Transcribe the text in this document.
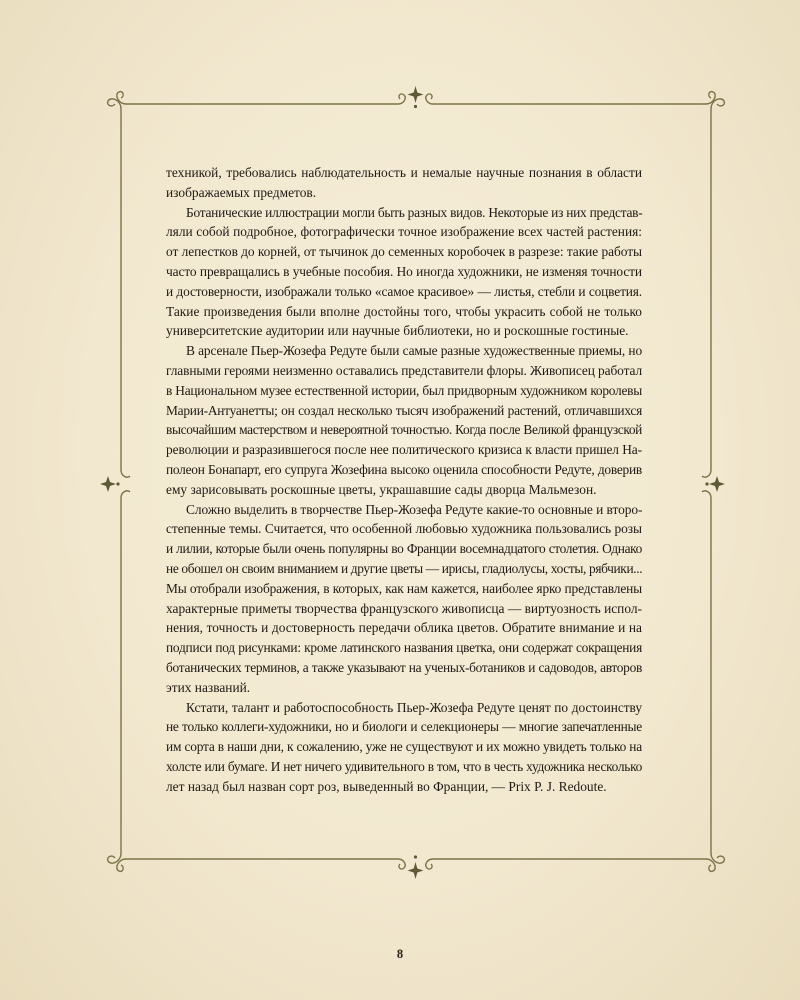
техникой, требовались наблюдательность и немалые научные познания в области
изображаемых предметов.

Ботанические иллюстрации могли быть разных видов. Некоторые из них представ-
ляли собой подробное, фотографически точное изображение всех частей растения:
от лепестков до корней, от тычинок до семенных коробочек в разрезе: такие работы
часто превращались в учебные пособия. Но иногда художники, не изменяя точности
и достоверности, изображали только «самое красивое» — листья, стебли и соцветия.
Такие произведения были вполне достойны того, чтобы украсить собой не только
университетские аудитории или научные библиотеки, но и роскошные гостиные.

В арсенале Пьер-Жозефа Редуте были самые разные художественные приемы, но
главными героями неизменно оставались представители флоры. Живописец работал
в Национальном музее естественной истории, был придворным художником королевы
Марии-Антуанетты; он создал несколько тысяч изображений растений, отличавшихся
высочайшим мастерством и невероятной точностью. Когда после Великой французской
революции и разразившегося после нее политического кризиса к власти пришел На-
полеон Бонапарт, его супруга Жозефина высоко оценила способности Редуте, доверив
ему зарисовывать роскошные цветы, украшавшие сады дворца Мальмезон.

Сложно выделить в творчестве Пьер-Жозефа Редуте какие-то основные и второ-
степенные темы. Считается, что особенной любовью художника пользовались розы
и лилии, которые были очень популярны во Франции восемнадцатого столетия. Однако
не обошел он своим вниманием и другие цветы — ирисы, гладиолусы, хосты, рябчики...
Мы отобрали изображения, в которых, как нам кажется, наиболее ярко представлены
характерные приметы творчества французского живописца — виртуозность испол-
нения, точность и достоверность передачи облика цветов. Обратите внимание и на
подписи под рисунками: кроме латинского названия цветка, они содержат сокращения
ботанических терминов, а также указывают на ученых-ботаников и садоводов, авторов
этих названий.

Кстати, талант и работоспособность Пьер-Жозефа Редуте ценят по достоинству
не только коллеги-художники, но и биологи и селекционеры — многие запечатленные
им сорта в наши дни, к сожалению, уже не существуют и их можно увидеть только на
холсте или бумаге. И нет ничего удивительного в том, что в честь художника несколько
лет назад был назван сорт роз, выведенный во Франции, — Prix P. J. Redoute.

8
